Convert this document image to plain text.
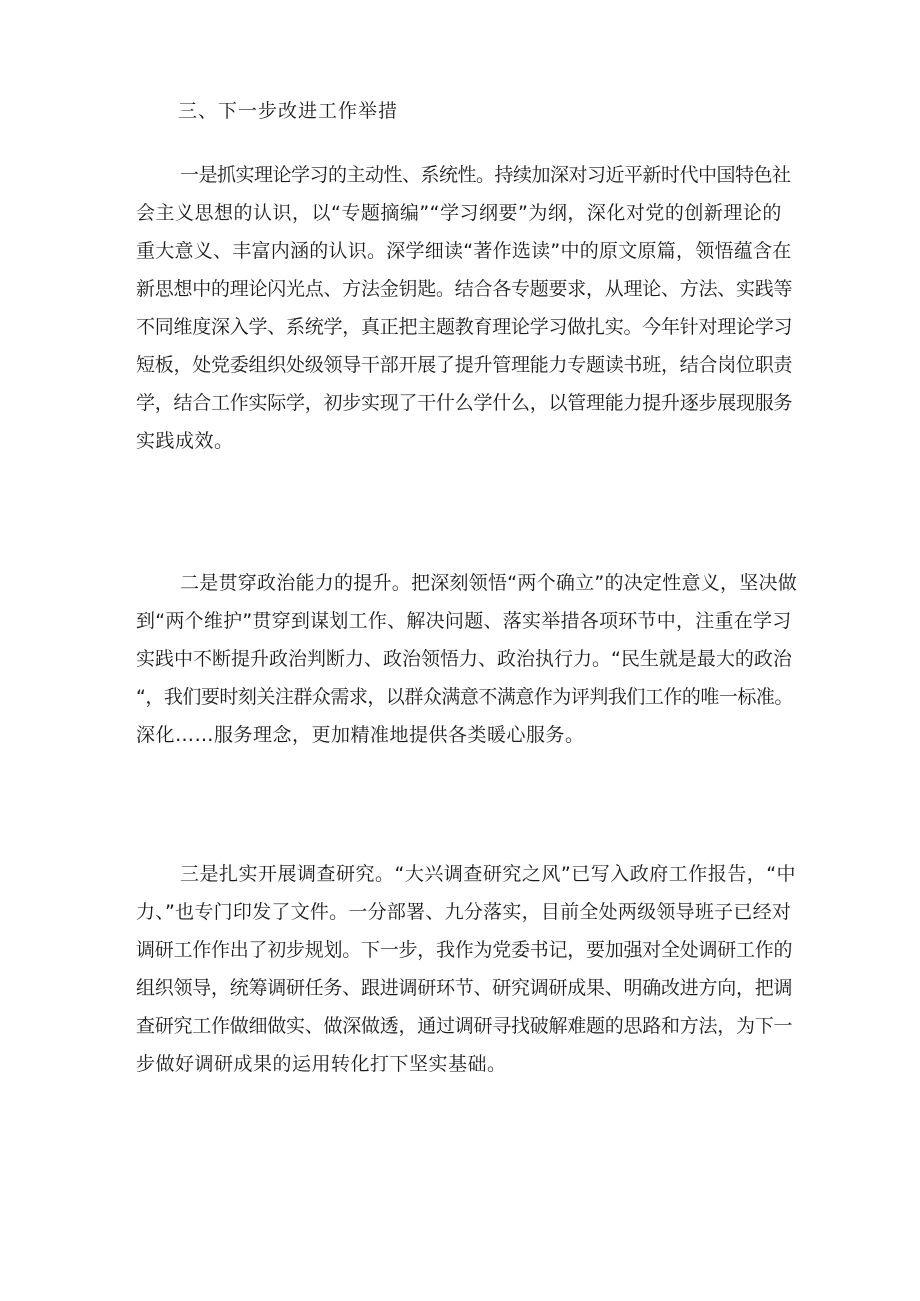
三、下一步改进工作举措
一是抓实理论学习的主动性、系统性。持续加深对习近平新时代中国特色社
会主义思想的认识，以“专题摘编”“学习纲要”为纲，深化对党的创新理论的
重大意义、丰富内涵的认识。深学细读“著作选读”中的原文原篇，领悟蕴含在
新思想中的理论闪光点、方法金钥匙。结合各专题要求，从理论、方法、实践等
不同维度深入学、系统学，真正把主题教育理论学习做扎实。今年针对理论学习
短板，处党委组织处级领导干部开展了提升管理能力专题读书班，结合岗位职责
学，结合工作实际学，初步实现了干什么学什么，以管理能力提升逐步展现服务
实践成效。
二是贯穿政治能力的提升。把深刻领悟“两个确立”的决定性意义，坚决做
到“两个维护”贯穿到谋划工作、解决问题、落实举措各项环节中，注重在学习
实践中不断提升政治判断力、政治领悟力、政治执行力。“民生就是最大的政治
“，我们要时刻关注群众需求，以群众满意不满意作为评判我们工作的唯一标准。
深化……服务理念，更加精准地提供各类暖心服务。
三是扎实开展调查研究。“大兴调查研究之风”已写入政府工作报告，“中
力、”也专门印发了文件。一分部署、九分落实，目前全处两级领导班子已经对
调研工作作出了初步规划。下一步，我作为党委书记，要加强对全处调研工作的
组织领导，统筹调研任务、跟进调研环节、研究调研成果、明确改进方向，把调
查研究工作做细做实、做深做透，通过调研寻找破解难题的思路和方法，为下一
步做好调研成果的运用转化打下坚实基础。
